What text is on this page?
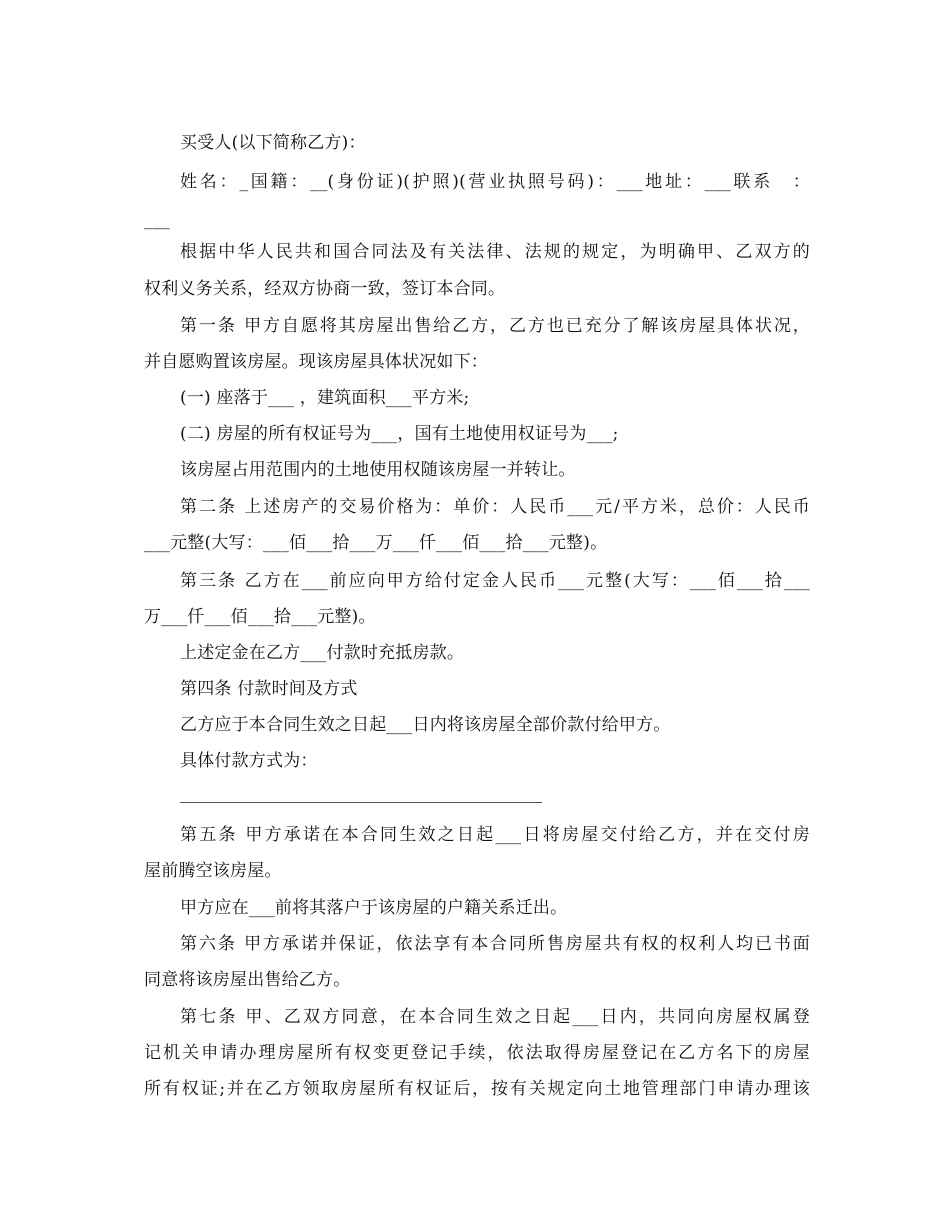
买受人(以下简称乙方)：
姓名：_国籍：__(身份证)(护照)(营业执照号码)：___地址：___联系　：
___
根据中华人民共和国合同法及有关法律、法规的规定，为明确甲、乙双方的
权利义务关系，经双方协商一致，签订本合同。
第一条 甲方自愿将其房屋出售给乙方，乙方也已充分了解该房屋具体状况，
并自愿购置该房屋。现该房屋具体状况如下：
(一) 座落于___ ，建筑面积___平方米;
(二) 房屋的所有权证号为___，国有土地使用权证号为___;
该房屋占用范围内的土地使用权随该房屋一并转让。
第二条 上述房产的交易价格为：单价：人民币___元/平方米，总价：人民币
___元整(大写：___佰___拾___万___仟___佰___拾___元整)。
第三条 乙方在___前应向甲方给付定金人民币___元整(大写：___佰___拾___
万___仟___佰___拾___元整)。
上述定金在乙方___付款时充抵房款。
第四条 付款时间及方式
乙方应于本合同生效之日起___日内将该房屋全部价款付给甲方。
具体付款方式为：
第五条 甲方承诺在本合同生效之日起___日将房屋交付给乙方，并在交付房
屋前腾空该房屋。
甲方应在___前将其落户于该房屋的户籍关系迁出。
第六条 甲方承诺并保证，依法享有本合同所售房屋共有权的权利人均已书面
同意将该房屋出售给乙方。
第七条 甲、乙双方同意，在本合同生效之日起___日内，共同向房屋权属登
记机关申请办理房屋所有权变更登记手续，依法取得房屋登记在乙方名下的房屋
所有权证;并在乙方领取房屋所有权证后，按有关规定向土地管理部门申请办理该
